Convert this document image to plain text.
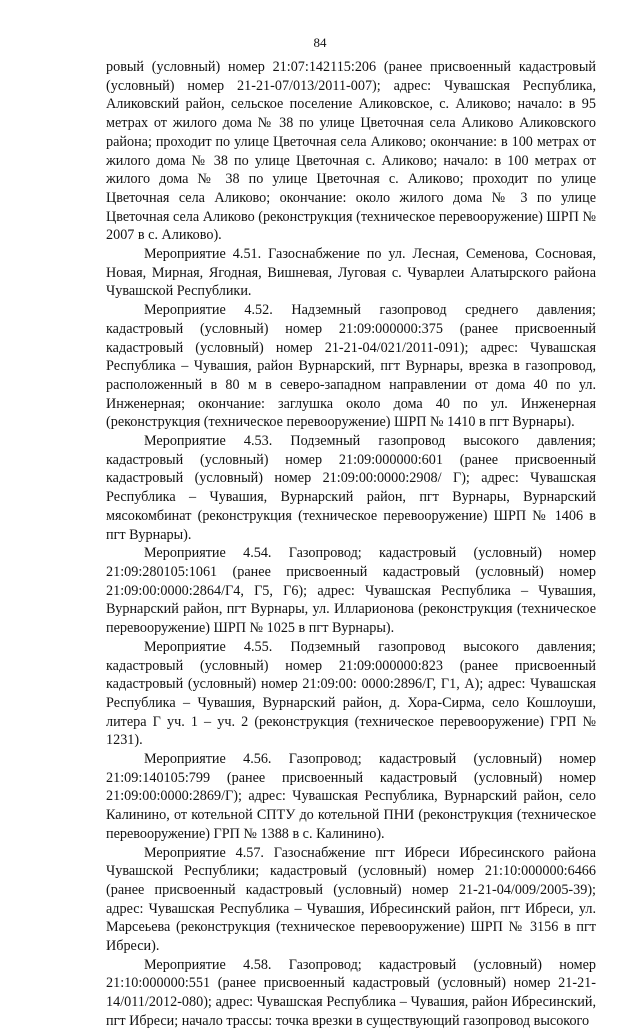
84

ровый (условный) номер 21:07:142115:206 (ранее присвоенный кадастровый (условный) номер 21-21-07/013/2011-007); адрес: Чувашская Республика, Аликовский район, сельское поселение Аликовское, с. Аликово; начало: в 95 метрах от жилого дома № 38 по улице Цветочная села Аликово Аликовского района; проходит по улице Цветочная села Аликово; окончание: в 100 метрах от жилого дома № 38 по улице Цветочная с. Аликово; начало: в 100 метрах от жилого дома № 38 по улице Цветочная с. Аликово; проходит по улице Цветочная села Аликово; окончание: около жилого дома № 3 по улице Цветочная села Аликово (реконструкция (техническое перевооружение) ШРП № 2007 в с. Аликово).

Мероприятие 4.51. Газоснабжение по ул. Лесная, Семенова, Сосновая, Новая, Мирная, Ягодная, Вишневая, Луговая с. Чуварлеи Алатырского района Чувашской Республики.

Мероприятие 4.52. Надземный газопровод среднего давления; кадастровый (условный) номер 21:09:000000:375 (ранее присвоенный кадастровый (условный) номер 21-21-04/021/2011-091); адрес: Чувашская Республика – Чувашия, район Вурнарский, пгт Вурнары, врезка в газопровод, расположенный в 80 м в северо-западном направлении от дома 40 по ул. Инженерная; окончание: заглушка около дома 40 по ул. Инженерная (реконструкция (техническое перевооружение) ШРП № 1410 в пгт Вурнары).

Мероприятие 4.53. Подземный газопровод высокого давления; кадастровый (условный) номер 21:09:000000:601 (ранее присвоенный кадастровый (условный) номер 21:09:00:0000:2908/ Г); адрес: Чувашская Республика – Чувашия, Вурнарский район, пгт Вурнары, Вурнарский мясокомбинат (реконструкция (техническое перевооружение) ШРП № 1406 в пгт Вурнары).

Мероприятие 4.54. Газопровод; кадастровый (условный) номер 21:09:280105:1061 (ранее присвоенный кадастровый (условный) номер 21:09:00:0000:2864/Г4, Г5, Г6); адрес: Чувашская Республика – Чувашия, Вурнарский район, пгт Вурнары, ул. Илларионова (реконструкция (техническое перевооружение) ШРП № 1025 в пгт Вурнары).

Мероприятие 4.55. Подземный газопровод высокого давления; кадастровый (условный) номер 21:09:000000:823 (ранее присвоенный кадастровый (условный) номер 21:09:00: 0000:2896/Г, Г1, А); адрес: Чувашская Республика – Чувашия, Вурнарский район, д. Хора-Сирма, село Кошлоуши, литера Г уч. 1 – уч. 2 (реконструкция (техническое перевооружение) ГРП № 1231).

Мероприятие 4.56. Газопровод; кадастровый (условный) номер 21:09:140105:799 (ранее присвоенный кадастровый (условный) номер 21:09:00:0000:2869/Г); адрес: Чувашская Республика, Вурнарский район, село Калинино, от котельной СПТУ до котельной ПНИ (реконструкция (техническое перевооружение) ГРП № 1388 в с. Калинино).

Мероприятие 4.57. Газоснабжение пгт Ибреси Ибресинского района Чувашской Республики; кадастровый (условный) номер 21:10:000000:6466 (ранее присвоенный кадастровый (условный) номер 21-21-04/009/2005-39); адрес: Чувашская Республика – Чувашия, Ибресинский район, пгт Ибреси, ул. Марсеьева (реконструкция (техническое перевооружение) ШРП № 3156 в пгт Ибреси).

Мероприятие 4.58. Газопровод; кадастровый (условный) номер 21:10:000000:551 (ранее присвоенный кадастровый (условный) номер 21-21-14/011/2012-080); адрес: Чувашская Республика – Чувашия, район Ибресинский, пгт Ибреси; начало трассы: точка врезки в существующий газопровод высокого
